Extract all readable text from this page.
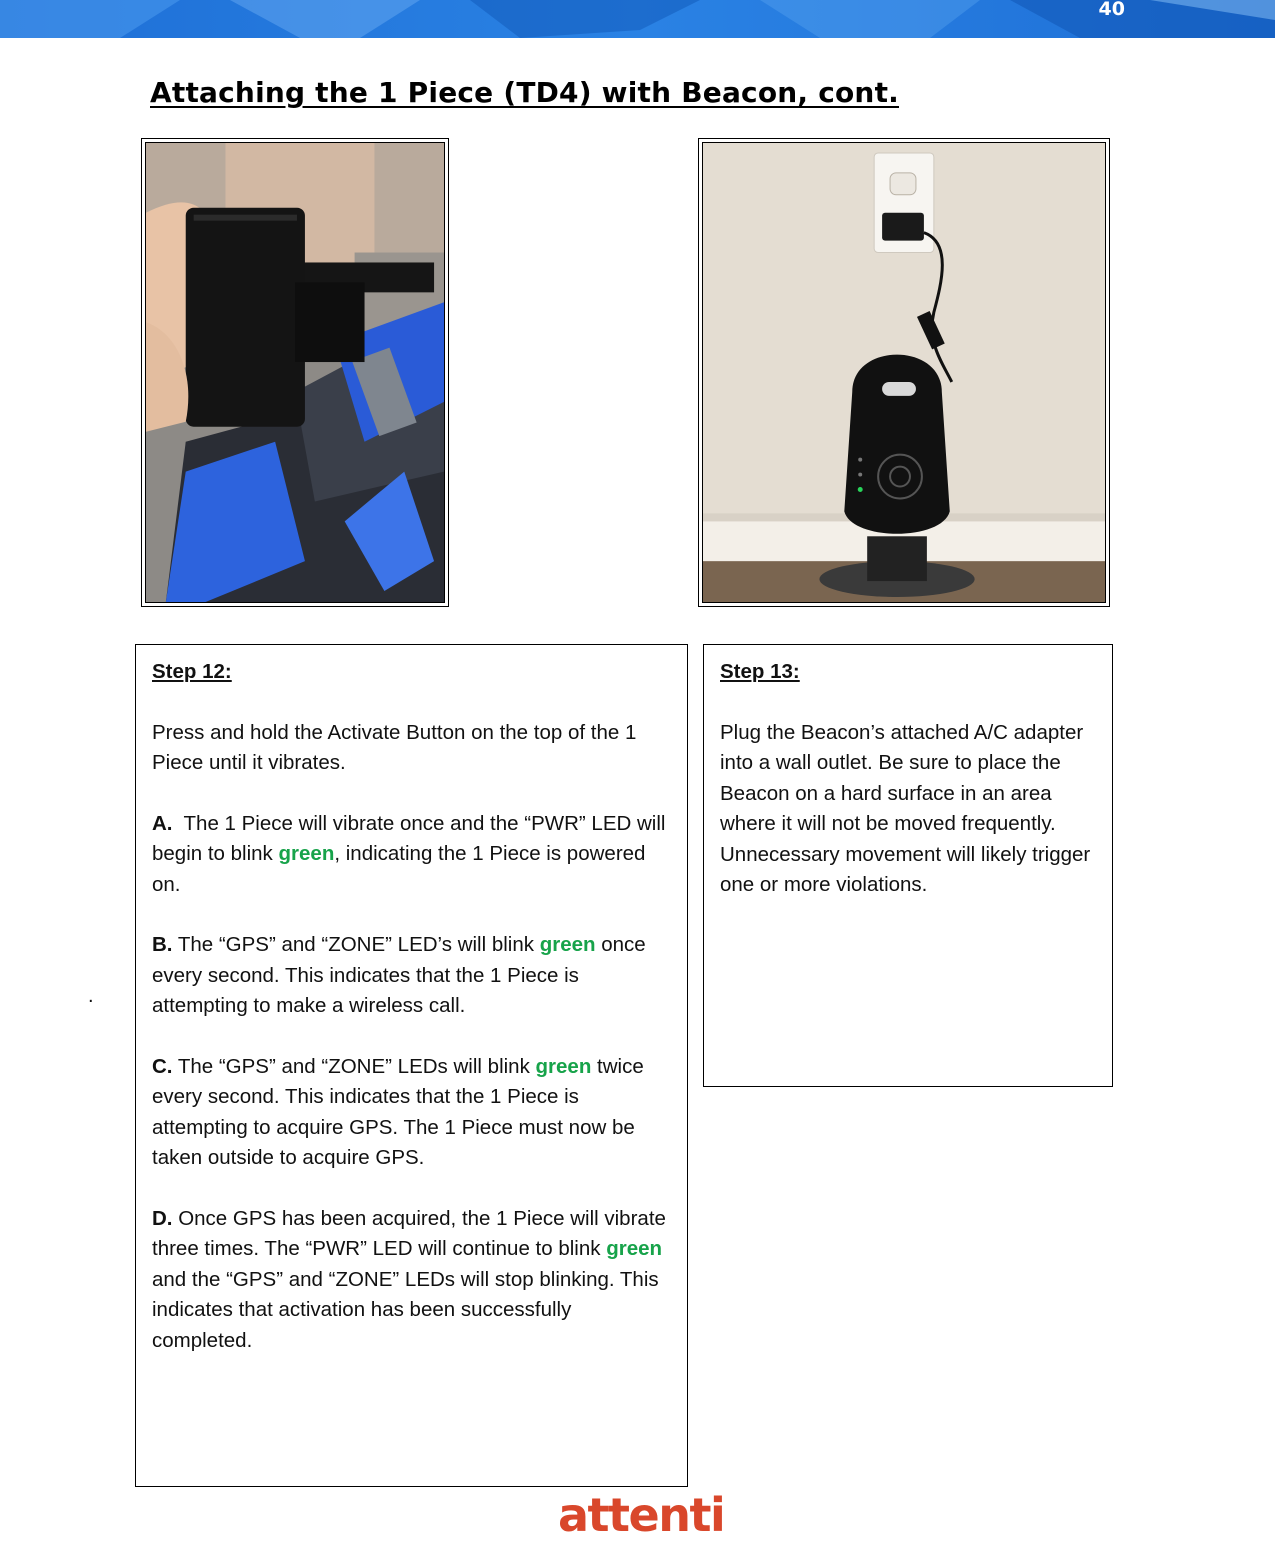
40
Attaching the 1 Piece (TD4) with Beacon, cont.

Step 12:

Press and hold the Activate Button on the top of the 1 Piece until it vibrates.

A.  The 1 Piece will vibrate once and the “PWR” LED will begin to blink green, indicating the 1 Piece is powered on.

B. The “GPS” and “ZONE” LED’s will blink green once every second. This indicates that the 1 Piece is attempting to make a wireless call.

C. The “GPS” and “ZONE” LEDs will blink green twice every second. This indicates that the 1 Piece is attempting to acquire GPS. The 1 Piece must now be taken outside to acquire GPS.

D. Once GPS has been acquired, the 1 Piece will vibrate three times. The “PWR” LED will continue to blink green and the “GPS” and “ZONE” LEDs will stop blinking. This indicates that activation has been successfully completed.

Step 13:

Plug the Beacon’s attached A/C adapter into a wall outlet. Be sure to place the Beacon on a hard surface in an area where it will not be moved frequently. Unnecessary movement will likely trigger one or more violations.

.
attenti
